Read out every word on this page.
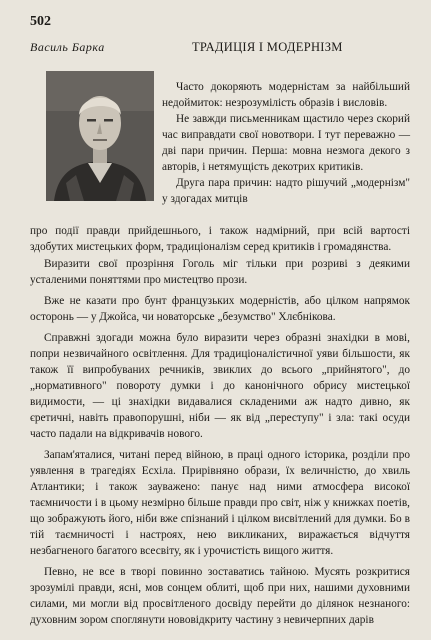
502
Василь Барка	ТРАДИЦІЯ І МОДЕРНІЗМ

Часто докоряють модерністам за найбільший недоймиток: незрозумілість образів і висловів.

Не завжди письменникам щастило через скорий час виправдати свої новотвори. І тут переважно — дві пари причин. Перша: мовна незмога декого з авторів, і нетямущість декотрих критиків.

Друга пара причин: надто рішучий „модернізм" у здогадах митців

про події правди прийдешнього, і також надмірний, при всій вартості здобутих мистецьких форм, традиціоналізм серед критиків і громадянства.

Виразити свої прозріння Гоголь міг тільки при розриві з деякими усталеними поняттями про мистецтво прози.

Вже не казати про бунт французьких модерністів, або цілком напрямок осторонь — у Джойса, чи новаторське „безумство" Хлєбнікова.

Справжні здогади можна було виразити через образні знахідки в мові, попри незвичайного освітлення. Для традиціоналістичної уяви більшости, як також її випробуваних речників, звиклих до всього „прийнятого", до „нормативного" повороту думки і до канонічного обрису мистецької видимости, — ці знахідки видавалися складеними аж надто дивно, як єретичні, навіть правопорушні, ніби — як від „переступу" і зла: такі осуди часто падали на відкривачів нового.

Запам'яталися, читані перед війною, в праці одного історика, розділи про уявлення в трагедіях Есхіла. Прирівняно образи, їх величністю, до хвиль Атлантики; і також зауважено: панує над ними атмосфера високої таємничости і в цьому незмірно більше правди про світ, ніж у книжках поетів, що зображують його, ніби вже спізнаний і цілком висвітлений для думки. Бо в тій таємничості і настроях, нею викликаних, виражається відчуття незбагненого багатого всесвіту, як і урочистість вищого життя.

Певно, не все в творі повинно зоставатись тайною. Мусять розкритися зрозумілі правди, ясні, мов сонцем облиті, щоб при них, нашими духовними силами, ми могли від просвітленого досвіду перейти до ділянок незнаного: духовним зором споглянути нововідкриту частину з невичерпних дарів
